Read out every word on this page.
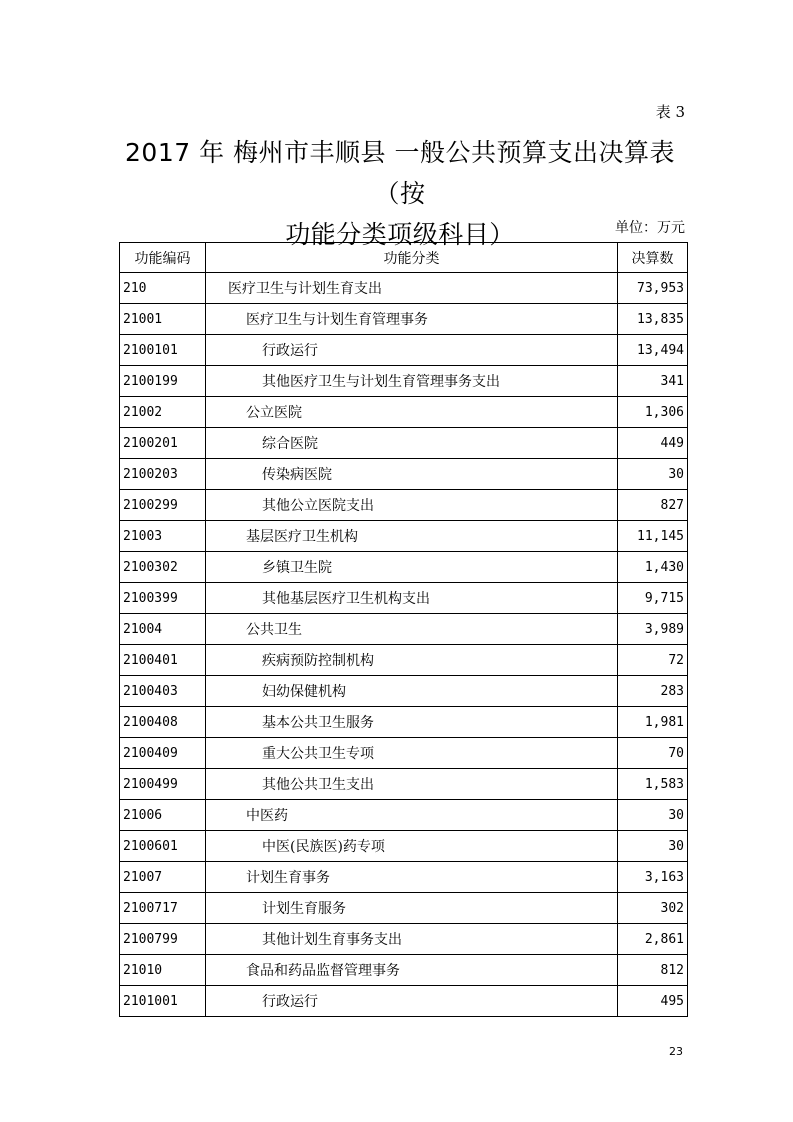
表 3
2017 年 梅州市丰顺县 一般公共预算支出决算表（按
功能分类项级科目）	单位：万元
功能编码	功能分类	决算数
210	医疗卫生与计划生育支出	73,953
21001	医疗卫生与计划生育管理事务	13,835
2100101	行政运行	13,494
2100199	其他医疗卫生与计划生育管理事务支出	341
21002	公立医院	1,306
2100201	综合医院	449
2100203	传染病医院	30
2100299	其他公立医院支出	827
21003	基层医疗卫生机构	11,145
2100302	乡镇卫生院	1,430
2100399	其他基层医疗卫生机构支出	9,715
21004	公共卫生	3,989
2100401	疾病预防控制机构	72
2100403	妇幼保健机构	283
2100408	基本公共卫生服务	1,981
2100409	重大公共卫生专项	70
2100499	其他公共卫生支出	1,583
21006	中医药	30
2100601	中医(民族医)药专项	30
21007	计划生育事务	3,163
2100717	计划生育服务	302
2100799	其他计划生育事务支出	2,861
21010	食品和药品监督管理事务	812
2101001	行政运行	495
23
